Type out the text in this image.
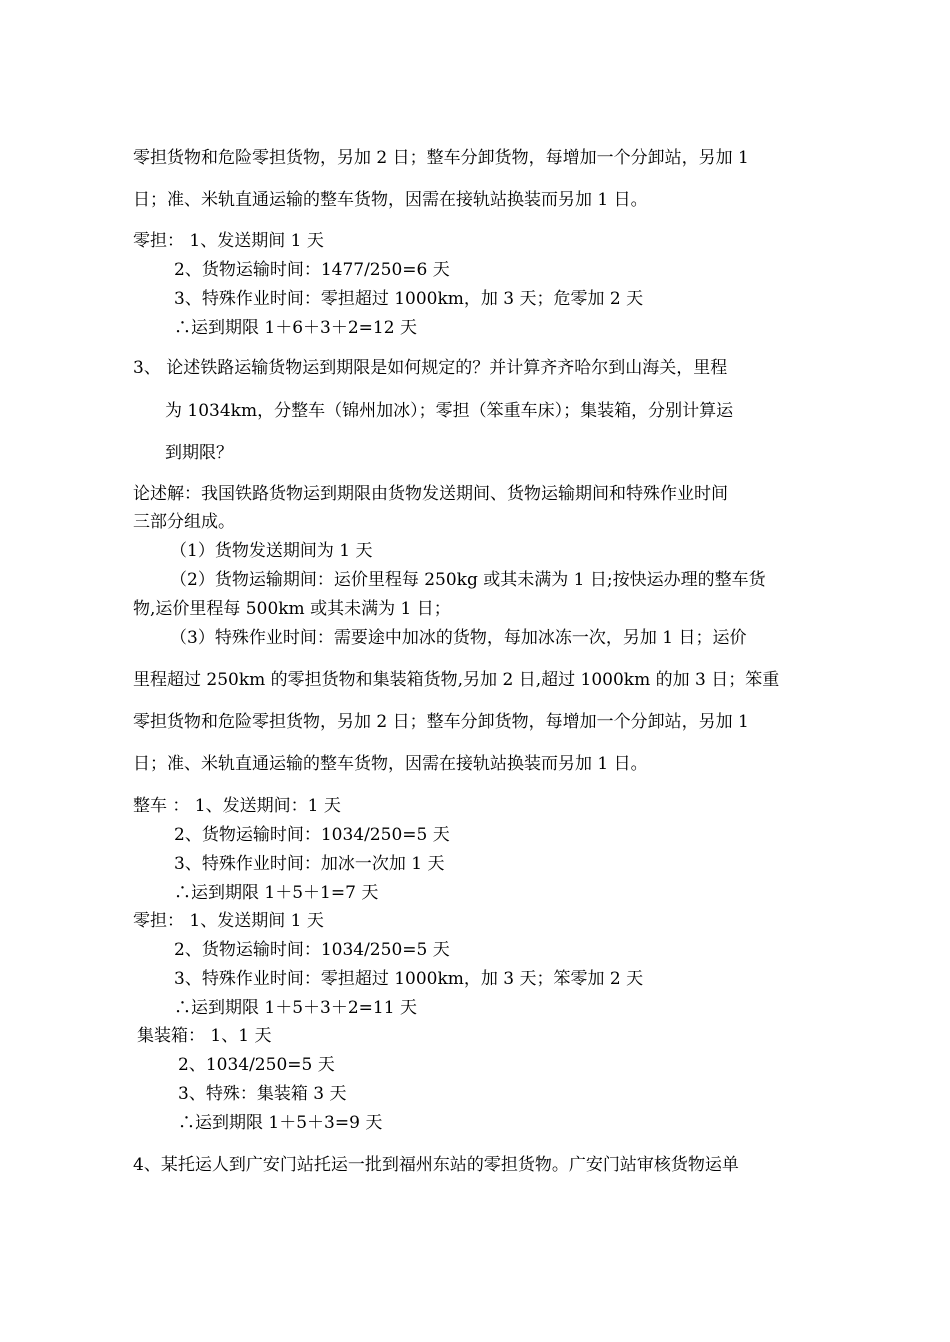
零担货物和危险零担货物，另加 2 日；整车分卸货物，每增加一个分卸站，另加 1
日；准、米轨直通运输的整车货物，因需在接轨站换装而另加 1 日。
零担： 1、发送期间 1 天
2、货物运输时间：1477/250=6 天
3、特殊作业时间：零担超过 1000km，加 3 天；危零加 2 天
∴运到期限 1＋6＋3＋2=12 天
3、 论述铁路运输货物运到期限是如何规定的？并计算齐齐哈尔到山海关，里程
为 1034km，分整车（锦州加冰）；零担（笨重车床）；集装箱，分别计算运
到期限？
论述解：我国铁路货物运到期限由货物发送期间、货物运输期间和特殊作业时间
三部分组成。
（1）货物发送期间为 1 天
（2）货物运输期间：运价里程每 250kg 或其未满为 1 日;按快运办理的整车货
物,运价里程每 500km 或其未满为 1 日；
（3）特殊作业时间：需要途中加冰的货物，每加冰冻一次，另加 1 日；运价
里程超过 250km 的零担货物和集装箱货物,另加 2 日,超过 1000km 的加 3 日；笨重
零担货物和危险零担货物，另加 2 日；整车分卸货物，每增加一个分卸站，另加 1
日；准、米轨直通运输的整车货物，因需在接轨站换装而另加 1 日。
整车 ： 1、发送期间：1 天
2、货物运输时间：1034/250=5 天
3、特殊作业时间：加冰一次加 1 天
∴运到期限 1＋5＋1=7 天
零担： 1、发送期间 1 天
2、货物运输时间：1034/250=5 天
3、特殊作业时间：零担超过 1000km，加 3 天；笨零加 2 天
∴运到期限 1＋5＋3＋2=11 天
集装箱： 1、1 天
2、1034/250=5 天
3、特殊：集装箱 3 天
∴运到期限 1＋5＋3=9 天
4、某托运人到广安门站托运一批到福州东站的零担货物。广安门站审核货物运单
